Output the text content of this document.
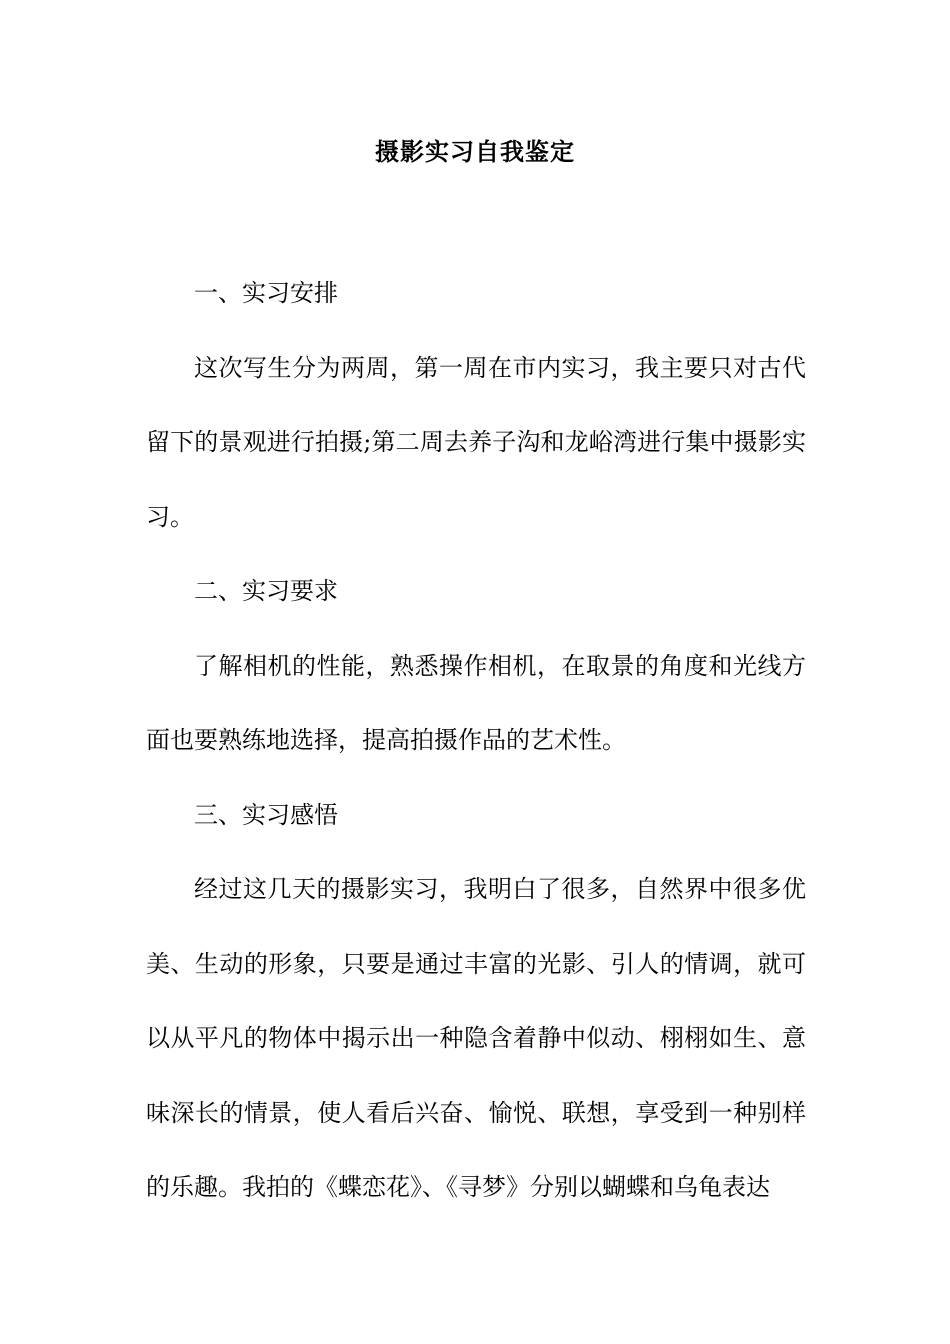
摄影实习自我鉴定

一、实习安排

这次写生分为两周，第一周在市内实习，我主要只对古代留下的景观进行拍摄;第二周去养子沟和龙峪湾进行集中摄影实习。

二、实习要求

了解相机的性能，熟悉操作相机，在取景的角度和光线方面也要熟练地选择，提高拍摄作品的艺术性。

三、实习感悟

经过这几天的摄影实习，我明白了很多，自然界中很多优美、生动的形象，只要是通过丰富的光影、引人的情调，就可以从平凡的物体中揭示出一种隐含着静中似动、栩栩如生、意味深长的情景，使人看后兴奋、愉悦、联想，享受到一种别样的乐趣。我拍的《蝶恋花》、《寻梦》分别以蝴蝶和乌龟表达
